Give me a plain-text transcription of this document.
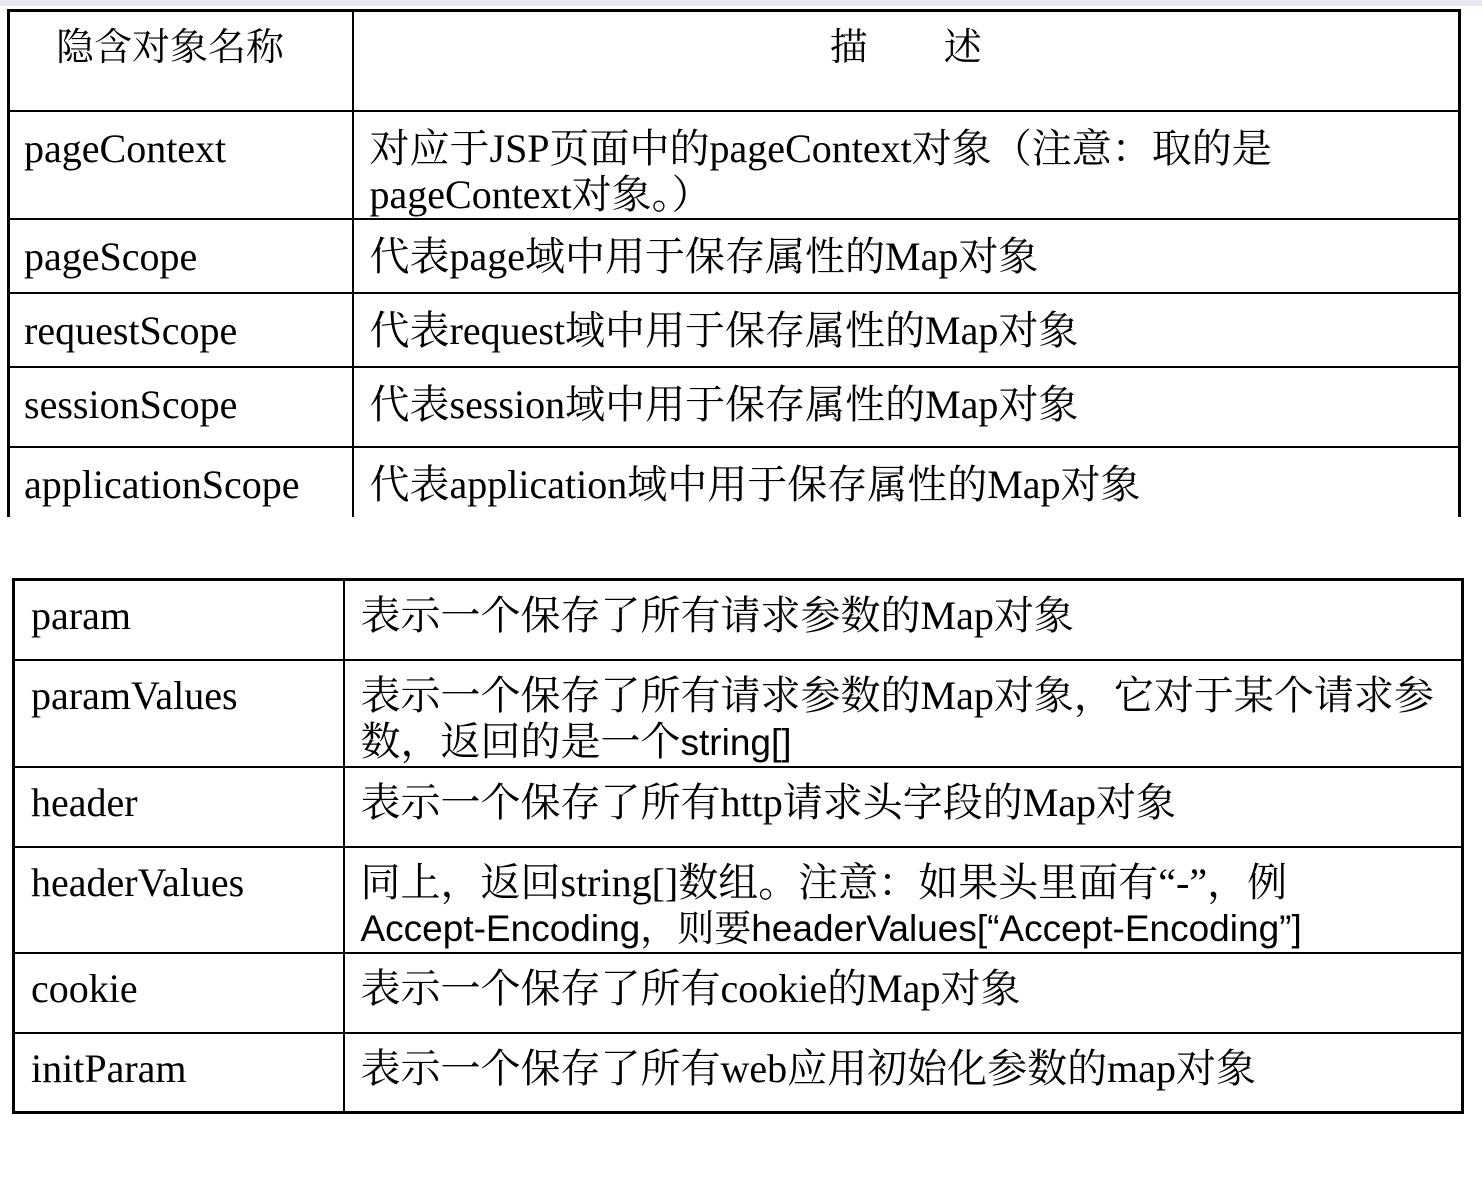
隐含对象名称	描　　述
pageContext	对应于JSP页面中的pageContext对象（注意：取的是pageContext对象。）
pageScope	代表page域中用于保存属性的Map对象
requestScope	代表request域中用于保存属性的Map对象
sessionScope	代表session域中用于保存属性的Map对象
applicationScope	代表application域中用于保存属性的Map对象
param	表示一个保存了所有请求参数的Map对象
paramValues	表示一个保存了所有请求参数的Map对象，它对于某个请求参数，返回的是一个string[]
header	表示一个保存了所有http请求头字段的Map对象
headerValues	同上，返回string[]数组。注意：如果头里面有“-”，例
Accept-Encoding，则要headerValues[“Accept-Encoding”]

cookie	表示一个保存了所有cookie的Map对象
initParam	表示一个保存了所有web应用初始化参数的map对象
